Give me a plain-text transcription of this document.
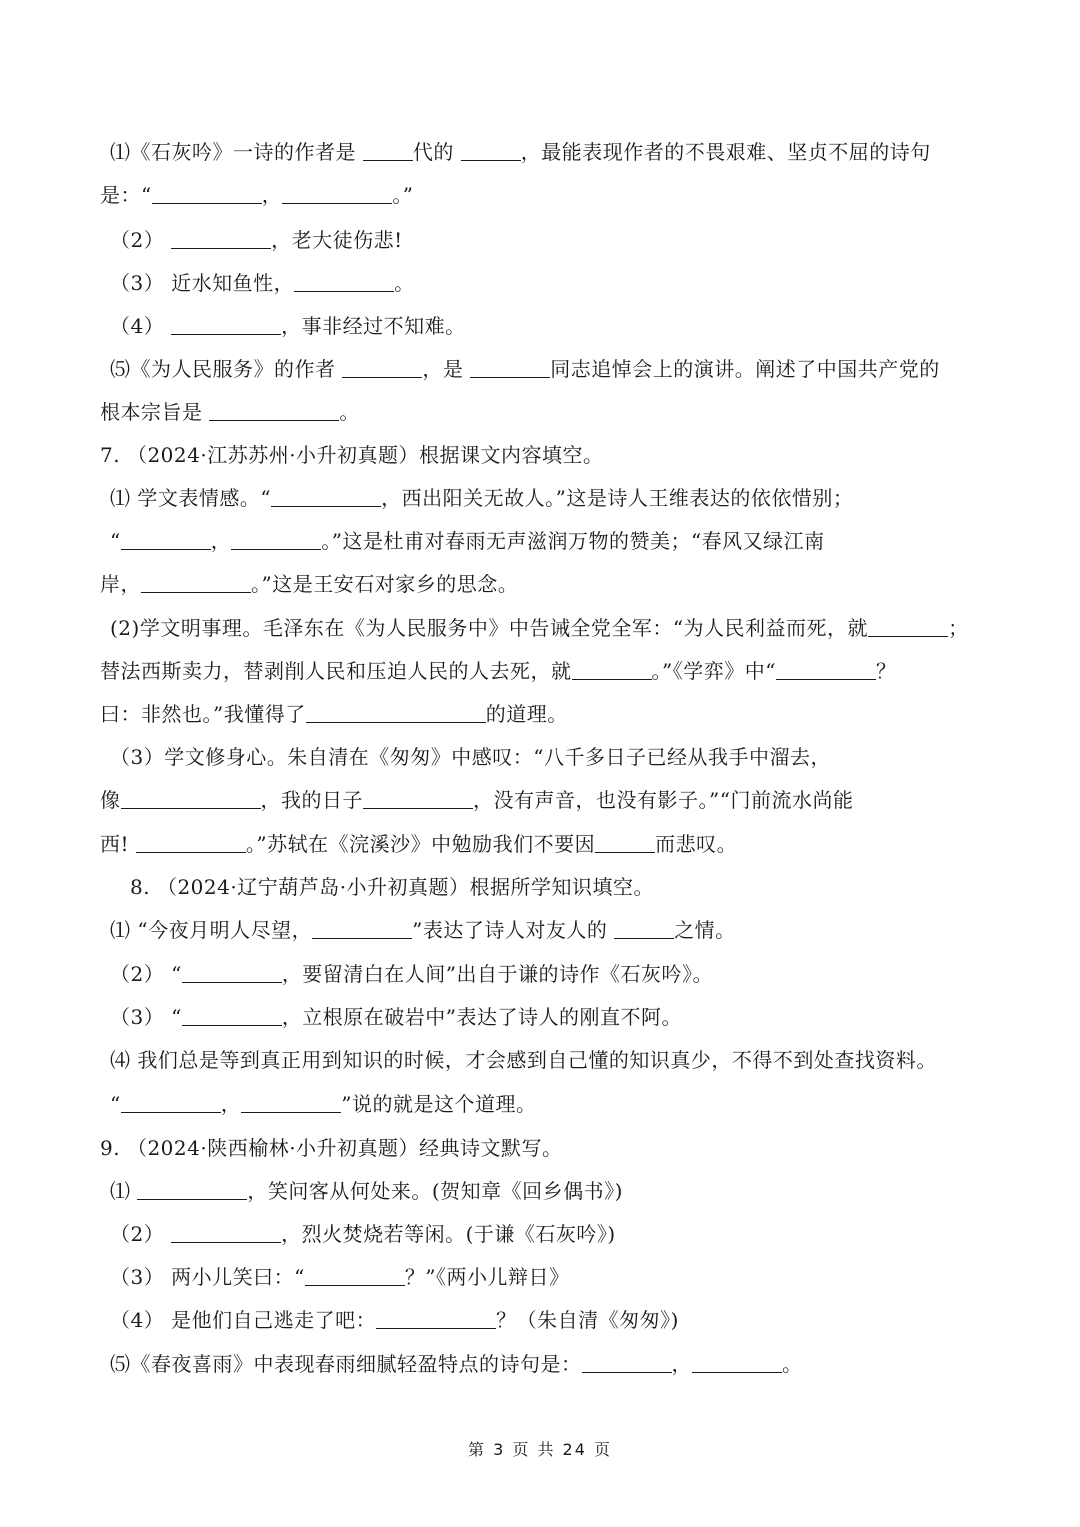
⑴《石灰吟》一诗的作者是	代的	，最能表现作者的不畏艰难、坚贞不屈的诗句
是：“	，	。”
（2）	，老大徒伤悲!
（3） 近水知鱼性，	。
（4）	，事非经过不知难。
⑸《为人民服务》的作者	，是	同志追悼会上的演讲。阐述了中国共产党的
根本宗旨是	。
7. （2024·江苏苏州·小升初真题）根据课文内容填空。
⑴ 学文表情感。“	，西出阳关无故人。”这是诗人王维表达的依依惜别；
“	，	。”这是杜甫对春雨无声滋润万物的赞美；“春风又绿江南
岸，	。”这是王安石对家乡的思念。
(2)学文明事理。毛泽东在《为人民服务中》中告诫全党全军：“为人民利益而死，就	；
替法西斯卖力，替剥削人民和压迫人民的人去死，就	。”《学弈》中“	？
曰：非然也。”我懂得了	的道理。
（3）学文修身心。朱自清在《匆匆》中感叹：“八千多日子已经从我手中溜去，
像	，我的日子	，没有声音，也没有影子。”“门前流水尚能
西!	。”苏轼在《浣溪沙》中勉励我们不要因	而悲叹。
8. （2024·辽宁葫芦岛·小升初真题）根据所学知识填空。
⑴ “今夜月明人尽望，	”表达了诗人对友人的	之情。
（2） “	，要留清白在人间”出自于谦的诗作《石灰吟》。
（3） “	，立根原在破岩中”表达了诗人的刚直不阿。
⑷ 我们总是等到真正用到知识的时候，才会感到自己懂的知识真少，不得不到处查找资料。
“	，	”说的就是这个道理。
9. （2024·陕西榆林·小升初真题）经典诗文默写。
⑴	，笑问客从何处来。(贺知章《回乡偶书》)
（2）	，烈火焚烧若等闲。(于谦《石灰吟》)
（3） 两小儿笑曰：“	？”《两小儿辩日》
（4） 是他们自己逃走了吧：	？（朱自清《匆匆》)
⑸《春夜喜雨》中表现春雨细腻轻盈特点的诗句是：	，	。
第 3 页 共 24 页
